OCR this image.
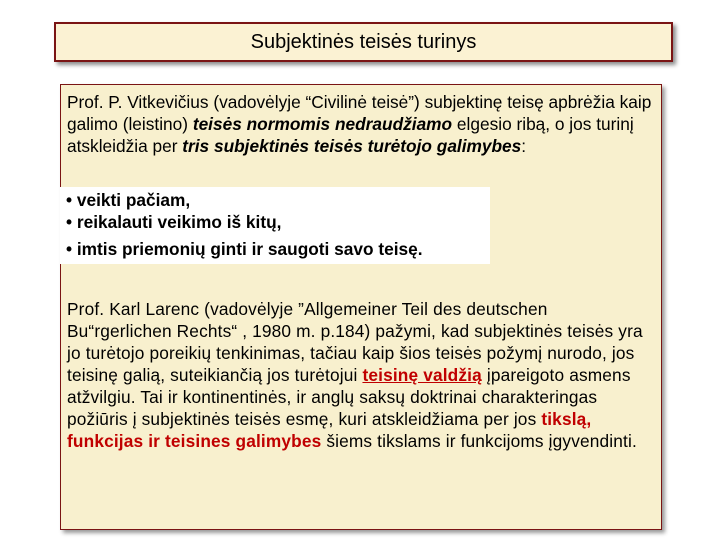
Subjektinės teisės turinys
Prof. P. Vitkevičius (vadovėlyje “Civilinė teisė”) subjektinę teisę apbrėžia kaip galimo (leistino) teisės normomis nedraudžiamo elgesio ribą, o jos turinį atskleidžia per tris subjektinės teisės turėtojo galimybes:
• veikti pačiam,
• reikalauti veikimo iš kitų,
• imtis priemonių ginti ir saugoti savo teisę.
Prof. Karl Larenc (vadovėlyje ”Allgemeiner Teil des deutschen Bu“rgerlichen Rechts“ , 1980 m. p.184) pažymi, kad subjektinės teisės yra jo turėtojo poreikių tenkinimas, tačiau kaip šios teisės požymį nurodo, jos teisinę galią, suteikiančią jos turėtojui teisinę valdžią įpareigoto asmens atžvilgiu. Tai ir kontinentinės, ir anglų saksų doktrinai charakteringas požiūris į subjektinės teisės esmę, kuri atskleidžiama per jos tikslą, funkcijas ir teisines galimybes šiems tikslams ir funkcijoms įgyvendinti.
